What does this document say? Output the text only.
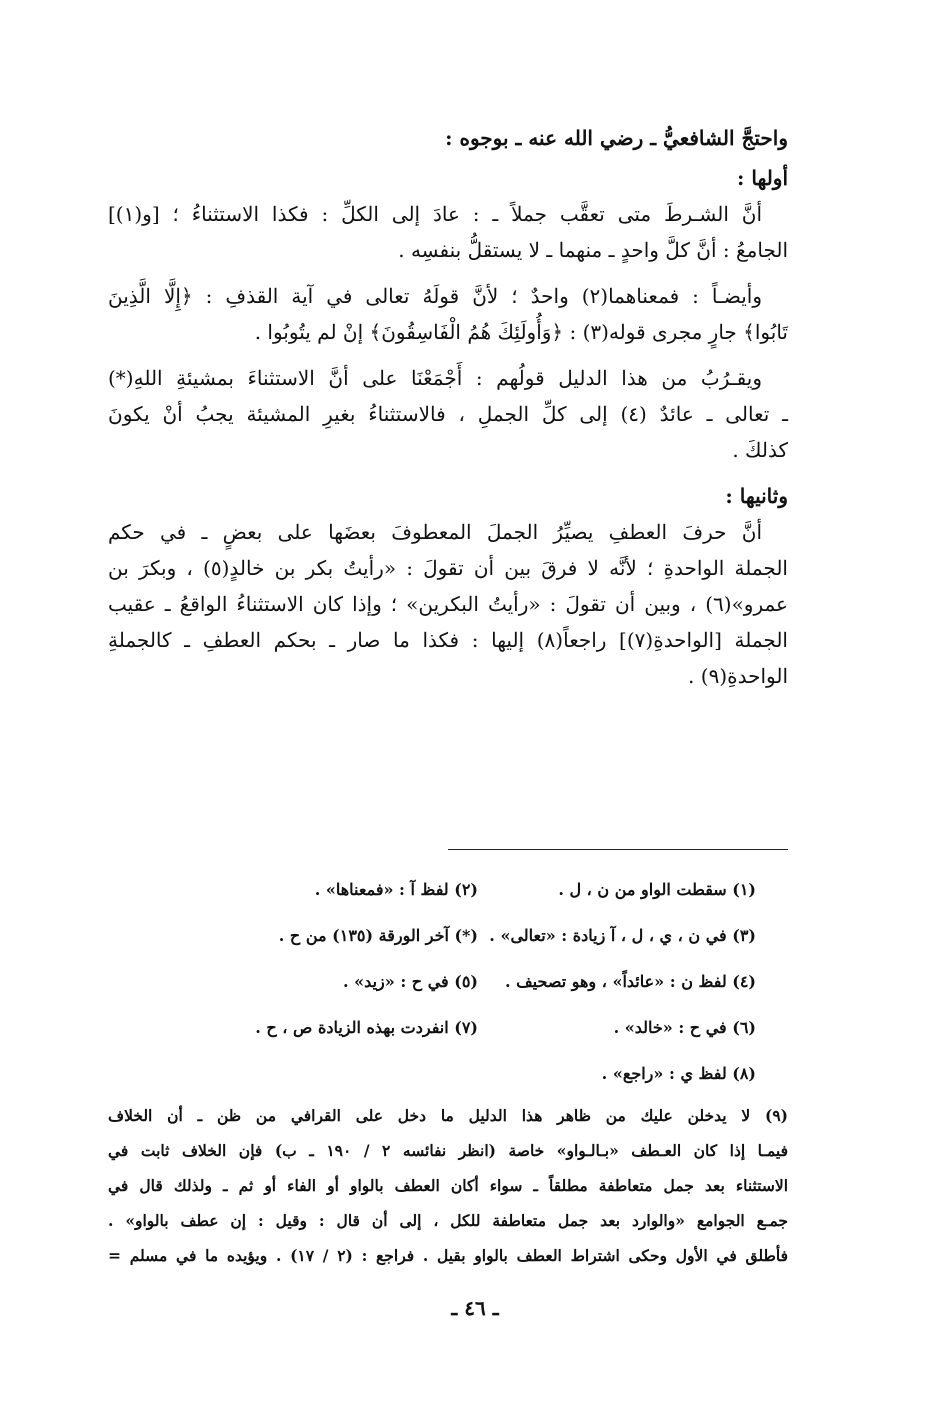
واحتجَّ الشافعيُّ ـ رضي الله عنه ـ بوجوه :
أولها :
أنَّ الشـرطَ متى تعقَّب جملاً ـ : عادَ إلى الكلِّ : فكذا الاستثناءُ ؛ [و(١)]
الجامعُ : أنَّ كلَّ واحدٍ ـ منهما ـ لا يستقلُّ بنفسِه .
وأيضـاً : فمعناهما(٢) واحدٌ ؛ لأنَّ قولَهُ تعالى في آية القذفِ : ﴿إِلَّا الَّذِينَ
تَابُوا﴾ جارٍ مجرى قوله(٣) : ﴿وَأُولَئِكَ هُمُ الْفَاسِقُونَ﴾ إنْ لم يتُوبُوا .
ويقـرُبُ من هذا الدليل قولُهم : أَجْمَعْنَا على أنَّ الاستثناءَ بمشيئةِ اللهِ(*)
ـ تعالى ـ عائدٌ (٤) إلى كلِّ الجملِ ، فالاستثناءُ بغيرِ المشيئة يجبُ أنْ يكونَ
كذلكَ .
وثانيها :
أنَّ حرفَ العطفِ يصيِّرُ الجملَ المعطوفَ بعضَها على بعضٍ ـ في حكم
الجملة الواحدةِ ؛ لأنَّه لا فرقَ بين أن تقولَ : «رأيتُ بكر بن خالدٍ(٥) ، وبكرَ بن
عمرو»(٦) ، وبين أن تقولَ : «رأيتُ البكرين» ؛ وإذا كان الاستثناءُ الواقعُ ـ عقيب
الجملة [الواحدةِ(٧)] راجعاً(٨) إليها : فكذا ما صار ـ بحكم العطفِ ـ كالجملةِ
الواحدةِ(٩) .
(١) سقطت الواو من ن ، ل .
(٢) لفظ آ : «فمعناها» .
(٣) في ن ، ي ، ل ، آ زيادة : «تعالى» .
(*) آخر الورقة (١٣٥) من ح .
(٤) لفظ ن : «عائداً» ، وهو تصحيف .
(٥) في ح : «زيد» .
(٦) في ح : «خالد» .
(٧) انفردت بهذه الزيادة ص ، ح .
(٨) لفظ ي : «راجع» .
(٩) لا يدخلن عليك من ظاهر هذا الدليل ما دخل على القرافي من ظن ـ أن الخلاف
فيمـا إذا كان العـطف «بـالـواو» خاصة (انظر نفائسه ٢ / ١٩٠ ـ ب) فإن الخلاف ثابت في
الاستثناء بعد جمل متعاطفة مطلقاً ـ سواء أكان العطف بالواو أو الفاء أو ثم ـ ولذلك قال في
جمـع الجوامع «والوارد بعد جمل متعاطفة للكل ، إلى أن قال : وقيل : إن عطف بالواو» .
فأطلق في الأول وحكى اشتراط العطف بالواو بقيل . فراجع : (٢ / ١٧) . ويؤيده ما في مسلم =
ـ ٤٦ ـ
